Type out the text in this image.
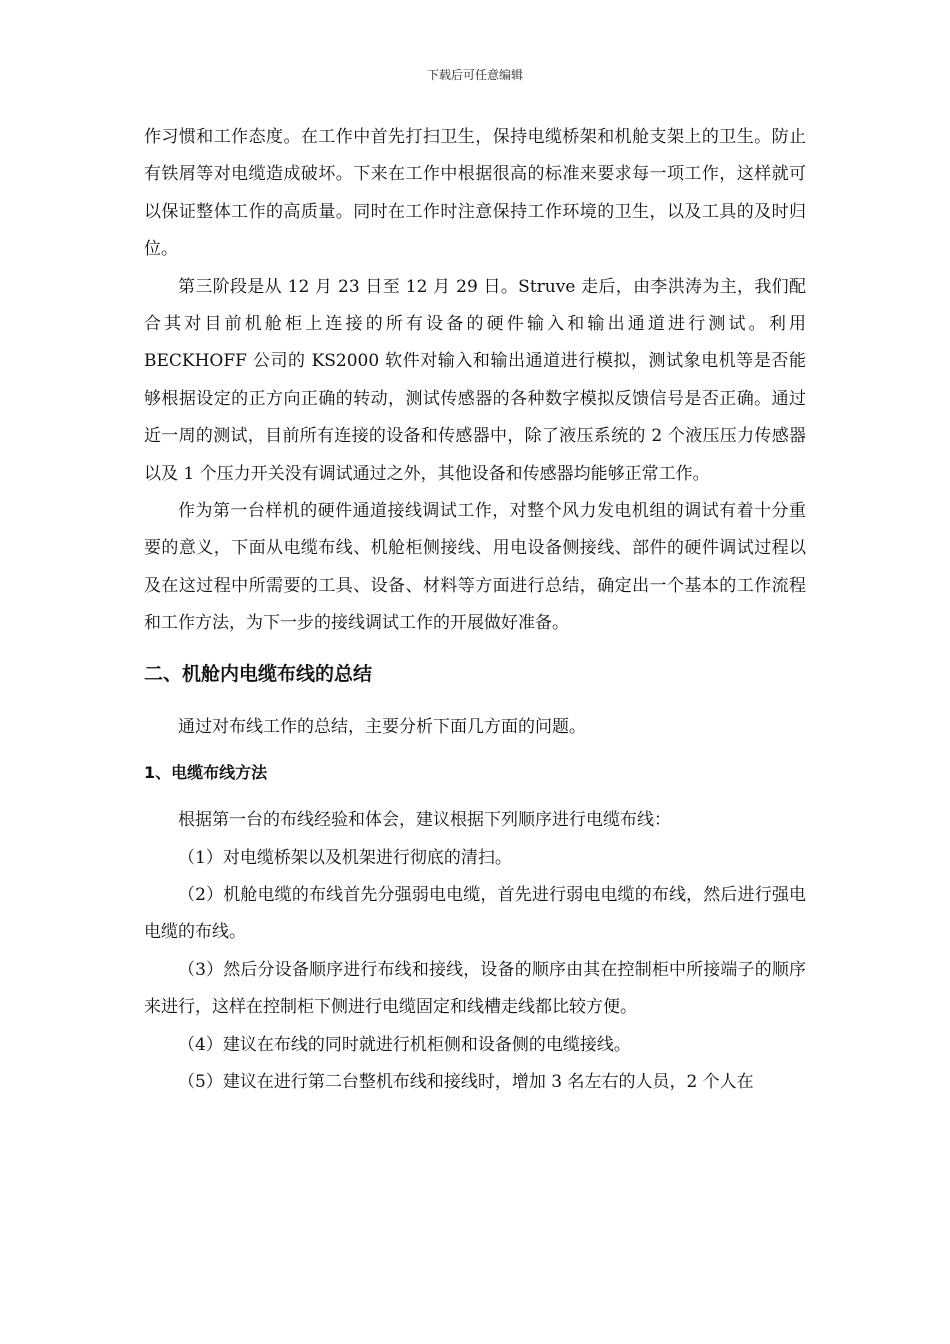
下载后可任意编辑

作习惯和工作态度。在工作中首先打扫卫生，保持电缆桥架和机舱支架上的卫生。防止有铁屑等对电缆造成破坏。下来在工作中根据很高的标准来要求每一项工作，这样就可以保证整体工作的高质量。同时在工作时注意保持工作环境的卫生，以及工具的及时归位。

第三阶段是从 12 月 23 日至 12 月 29 日。Struve 走后，由李洪涛为主，我们配合其对目前机舱柜上连接的所有设备的硬件输入和输出通道进行测试。利用 BECKHOFF 公司的 KS2000 软件对输入和输出通道进行模拟，测试象电机等是否能够根据设定的正方向正确的转动，测试传感器的各种数字模拟反馈信号是否正确。通过近一周的测试，目前所有连接的设备和传感器中，除了液压系统的 2 个液压压力传感器以及 1 个压力开关没有调试通过之外，其他设备和传感器均能够正常工作。

作为第一台样机的硬件通道接线调试工作，对整个风力发电机组的调试有着十分重要的意义，下面从电缆布线、机舱柜侧接线、用电设备侧接线、部件的硬件调试过程以及在这过程中所需要的工具、设备、材料等方面进行总结，确定出一个基本的工作流程和工作方法，为下一步的接线调试工作的开展做好准备。

二、机舱内电缆布线的总结

通过对布线工作的总结，主要分析下面几方面的问题。

1、电缆布线方法

根据第一台的布线经验和体会，建议根据下列顺序进行电缆布线：

（1）对电缆桥架以及机架进行彻底的清扫。

（2）机舱电缆的布线首先分强弱电电缆，首先进行弱电电缆的布线，然后进行强电电缆的布线。

（3）然后分设备顺序进行布线和接线，设备的顺序由其在控制柜中所接端子的顺序来进行，这样在控制柜下侧进行电缆固定和线槽走线都比较方便。

（4）建议在布线的同时就进行机柜侧和设备侧的电缆接线。

（5）建议在进行第二台整机布线和接线时，增加 3 名左右的人员，2 个人在
